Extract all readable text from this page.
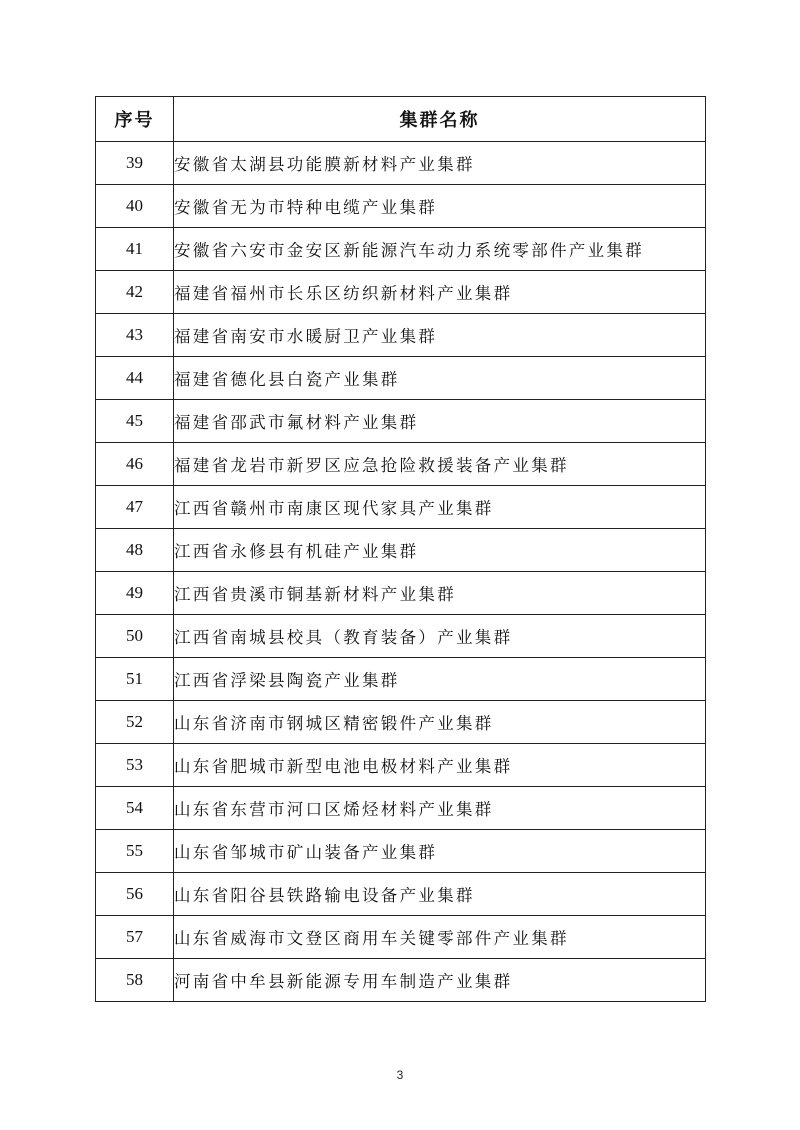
序号	集群名称
39	安徽省太湖县功能膜新材料产业集群
40	安徽省无为市特种电缆产业集群
41	安徽省六安市金安区新能源汽车动力系统零部件产业集群
42	福建省福州市长乐区纺织新材料产业集群
43	福建省南安市水暖厨卫产业集群
44	福建省德化县白瓷产业集群
45	福建省邵武市氟材料产业集群
46	福建省龙岩市新罗区应急抢险救援装备产业集群
47	江西省赣州市南康区现代家具产业集群
48	江西省永修县有机硅产业集群
49	江西省贵溪市铜基新材料产业集群
50	江西省南城县校具（教育装备）产业集群
51	江西省浮梁县陶瓷产业集群
52	山东省济南市钢城区精密锻件产业集群
53	山东省肥城市新型电池电极材料产业集群
54	山东省东营市河口区烯烃材料产业集群
55	山东省邹城市矿山装备产业集群
56	山东省阳谷县铁路输电设备产业集群
57	山东省威海市文登区商用车关键零部件产业集群
58	河南省中牟县新能源专用车制造产业集群
3
